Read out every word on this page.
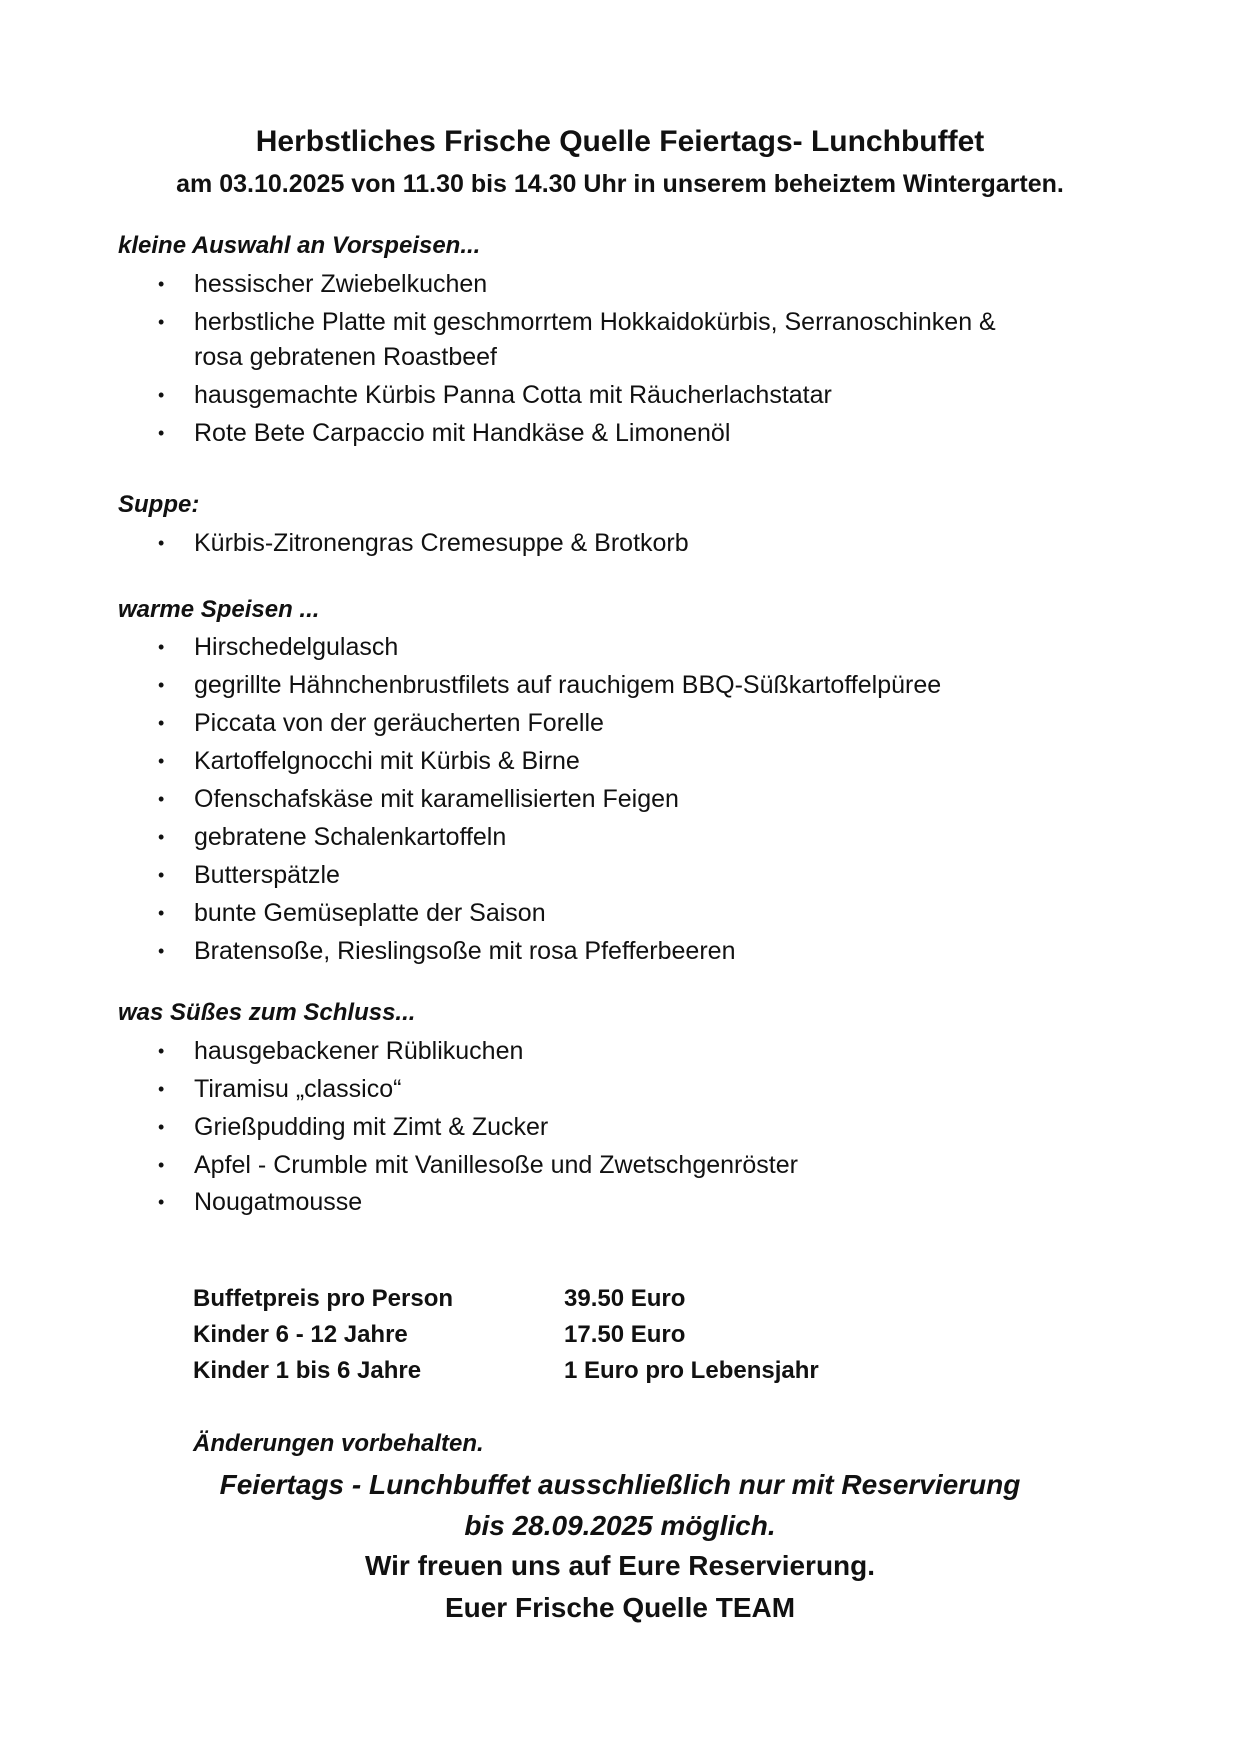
Herbstliches Frische Quelle Feiertags- Lunchbuffet

am 03.10.2025 von 11.30 bis 14.30 Uhr in unserem beheiztem Wintergarten.

kleine Auswahl an Vorspeisen...
• hessischer Zwiebelkuchen
• herbstliche Platte mit geschmorrtem Hokkaidokürbis, Serranoschinken & rosa gebratenen Roastbeef
• hausgemachte Kürbis Panna Cotta mit Räucherlachstatar
• Rote Bete Carpaccio mit Handkäse & Limonenöl
Suppe:
• Kürbis-Zitronengras Cremesuppe & Brotkorb
warme Speisen ...
• Hirschedelgulasch
• gegrillte Hähnchenbrustfilets auf rauchigem BBQ-Süßkartoffelpüree
• Piccata von der geräucherten Forelle
• Kartoffelgnocchi mit Kürbis & Birne
• Ofenschafskäse mit karamellisierten Feigen
• gebratene Schalenkartoffeln
• Butterspätzle
• bunte Gemüseplatte der Saison
• Bratensoße, Rieslingsoße mit rosa Pfefferbeeren
was Süßes zum Schluss...
• hausgebackener Rüblikuchen
• Tiramisu „classico“
• Grießpudding mit Zimt & Zucker
• Apfel - Crumble mit Vanillesoße und Zwetschgenröster
• Nougatmousse
Buffetpreis pro Person	39.50 Euro
Kinder 6 - 12 Jahre	17.50 Euro
Kinder 1 bis 6 Jahre	1 Euro pro Lebensjahr

Änderungen vorbehalten.

Feiertags - Lunchbuffet ausschließlich nur mit Reservierung

bis 28.09.2025 möglich.

Wir freuen uns auf Eure Reservierung.

Euer Frische Quelle TEAM
